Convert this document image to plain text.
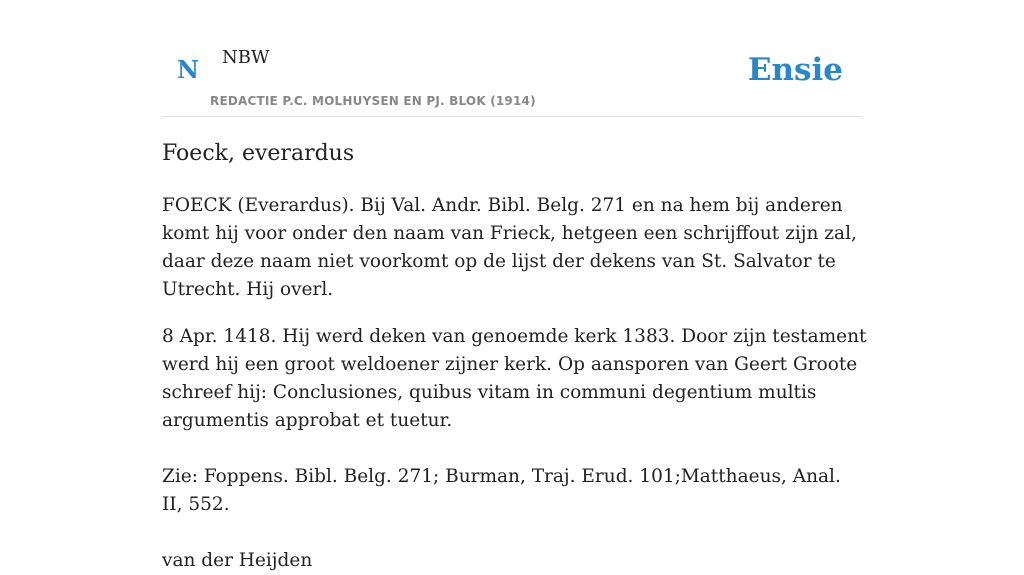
N NBW
REDACTIE P.C. MOLHUYSEN EN PJ. BLOK (1914)
Ensie
Foeck, everardus

FOECK (Everardus). Bij Val. Andr. Bibl. Belg. 271 en na hem bij anderen komt hij voor onder den naam van Frieck, hetgeen een schrijffout zijn zal, daar deze naam niet voorkomt op de lijst der dekens van St. Salvator te Utrecht. Hij overl.

8 Apr. 1418. Hij werd deken van genoemde kerk 1383. Door zijn testament werd hij een groot weldoener zijner kerk. Op aansporen van Geert Groote schreef hij: Conclusiones, quibus vitam in communi degentium multis argumentis approbat et tuetur.

Zie: Foppens. Bibl. Belg. 271; Burman, Traj. Erud. 101;Matthaeus, Anal. II, 552.

van der Heijden
